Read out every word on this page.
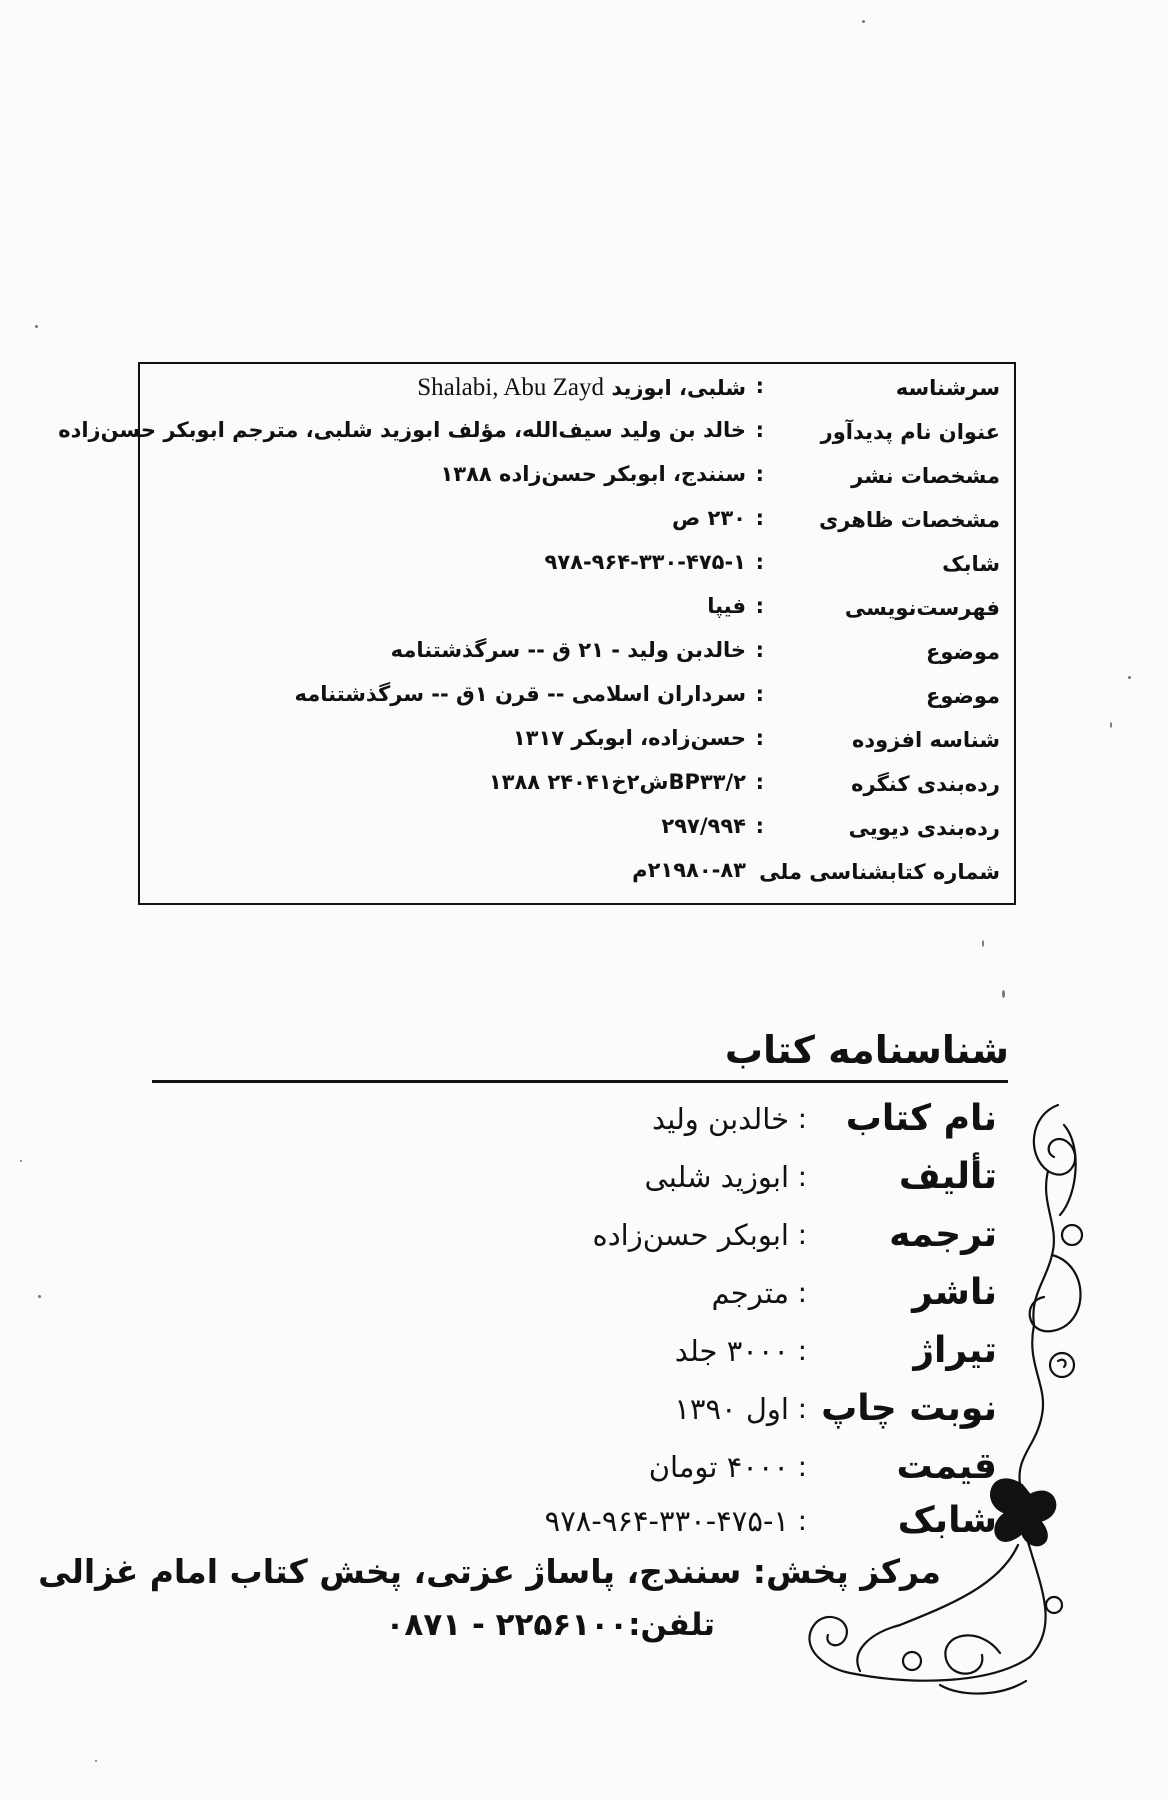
سرشناسه
:
شلبی، ابوزید Shalabi, Abu Zayd
عنوان نام پدیدآور
:
خالد بن ولید سیف‌الله، مؤلف ابوزید شلبی، مترجم ابوبکر حسن‌زاده
مشخصات نشر
:
سنندج، ابوبکر حسن‌زاده ۱۳۸۸
مشخصات ظاهری
:
۲۳۰ ص
شابک
:
۹۷۸-۹۶۴-۳۳۰-۴۷۵-۱
فهرست‌نویسی
:
فیپا
موضوع
:
خالدبن ولید - ۲۱ ق -- سرگذشتنامه
موضوع
:
سرداران اسلامی -- قرن ۱ق -- سرگذشتنامه
شناسه افزوده
:
حسن‌زاده، ابوبکر ۱۳۱۷
رده‌بندی کنگره
:
BP۳۳/۲ش۲خ۲۴۰۴۱ ۱۳۸۸
رده‌بندی دیویی
:
۲۹۷/۹۹۴
شماره کتابشناسی ملی
۲۱۹۸۰-۸۳م
شناسنامه کتاب
نام کتاب
:
خالدبن ولید
تألیف
:
ابوزید شلبی
ترجمه
:
ابوبکر حسن‌زاده
ناشر
:
مترجم
تیراژ
:
۳۰۰۰ جلد
نوبت چاپ
:
اول ۱۳۹۰
قیمت
:
۴۰۰۰ تومان
شابک
:
۹۷۸-۹۶۴-۳۳۰-۴۷۵-۱
مرکز پخش: سنندج، پاساژ عزتی، پخش کتاب امام غزالی
تلفن:۲۲۵۶۱۰۰ - ۰۸۷۱
